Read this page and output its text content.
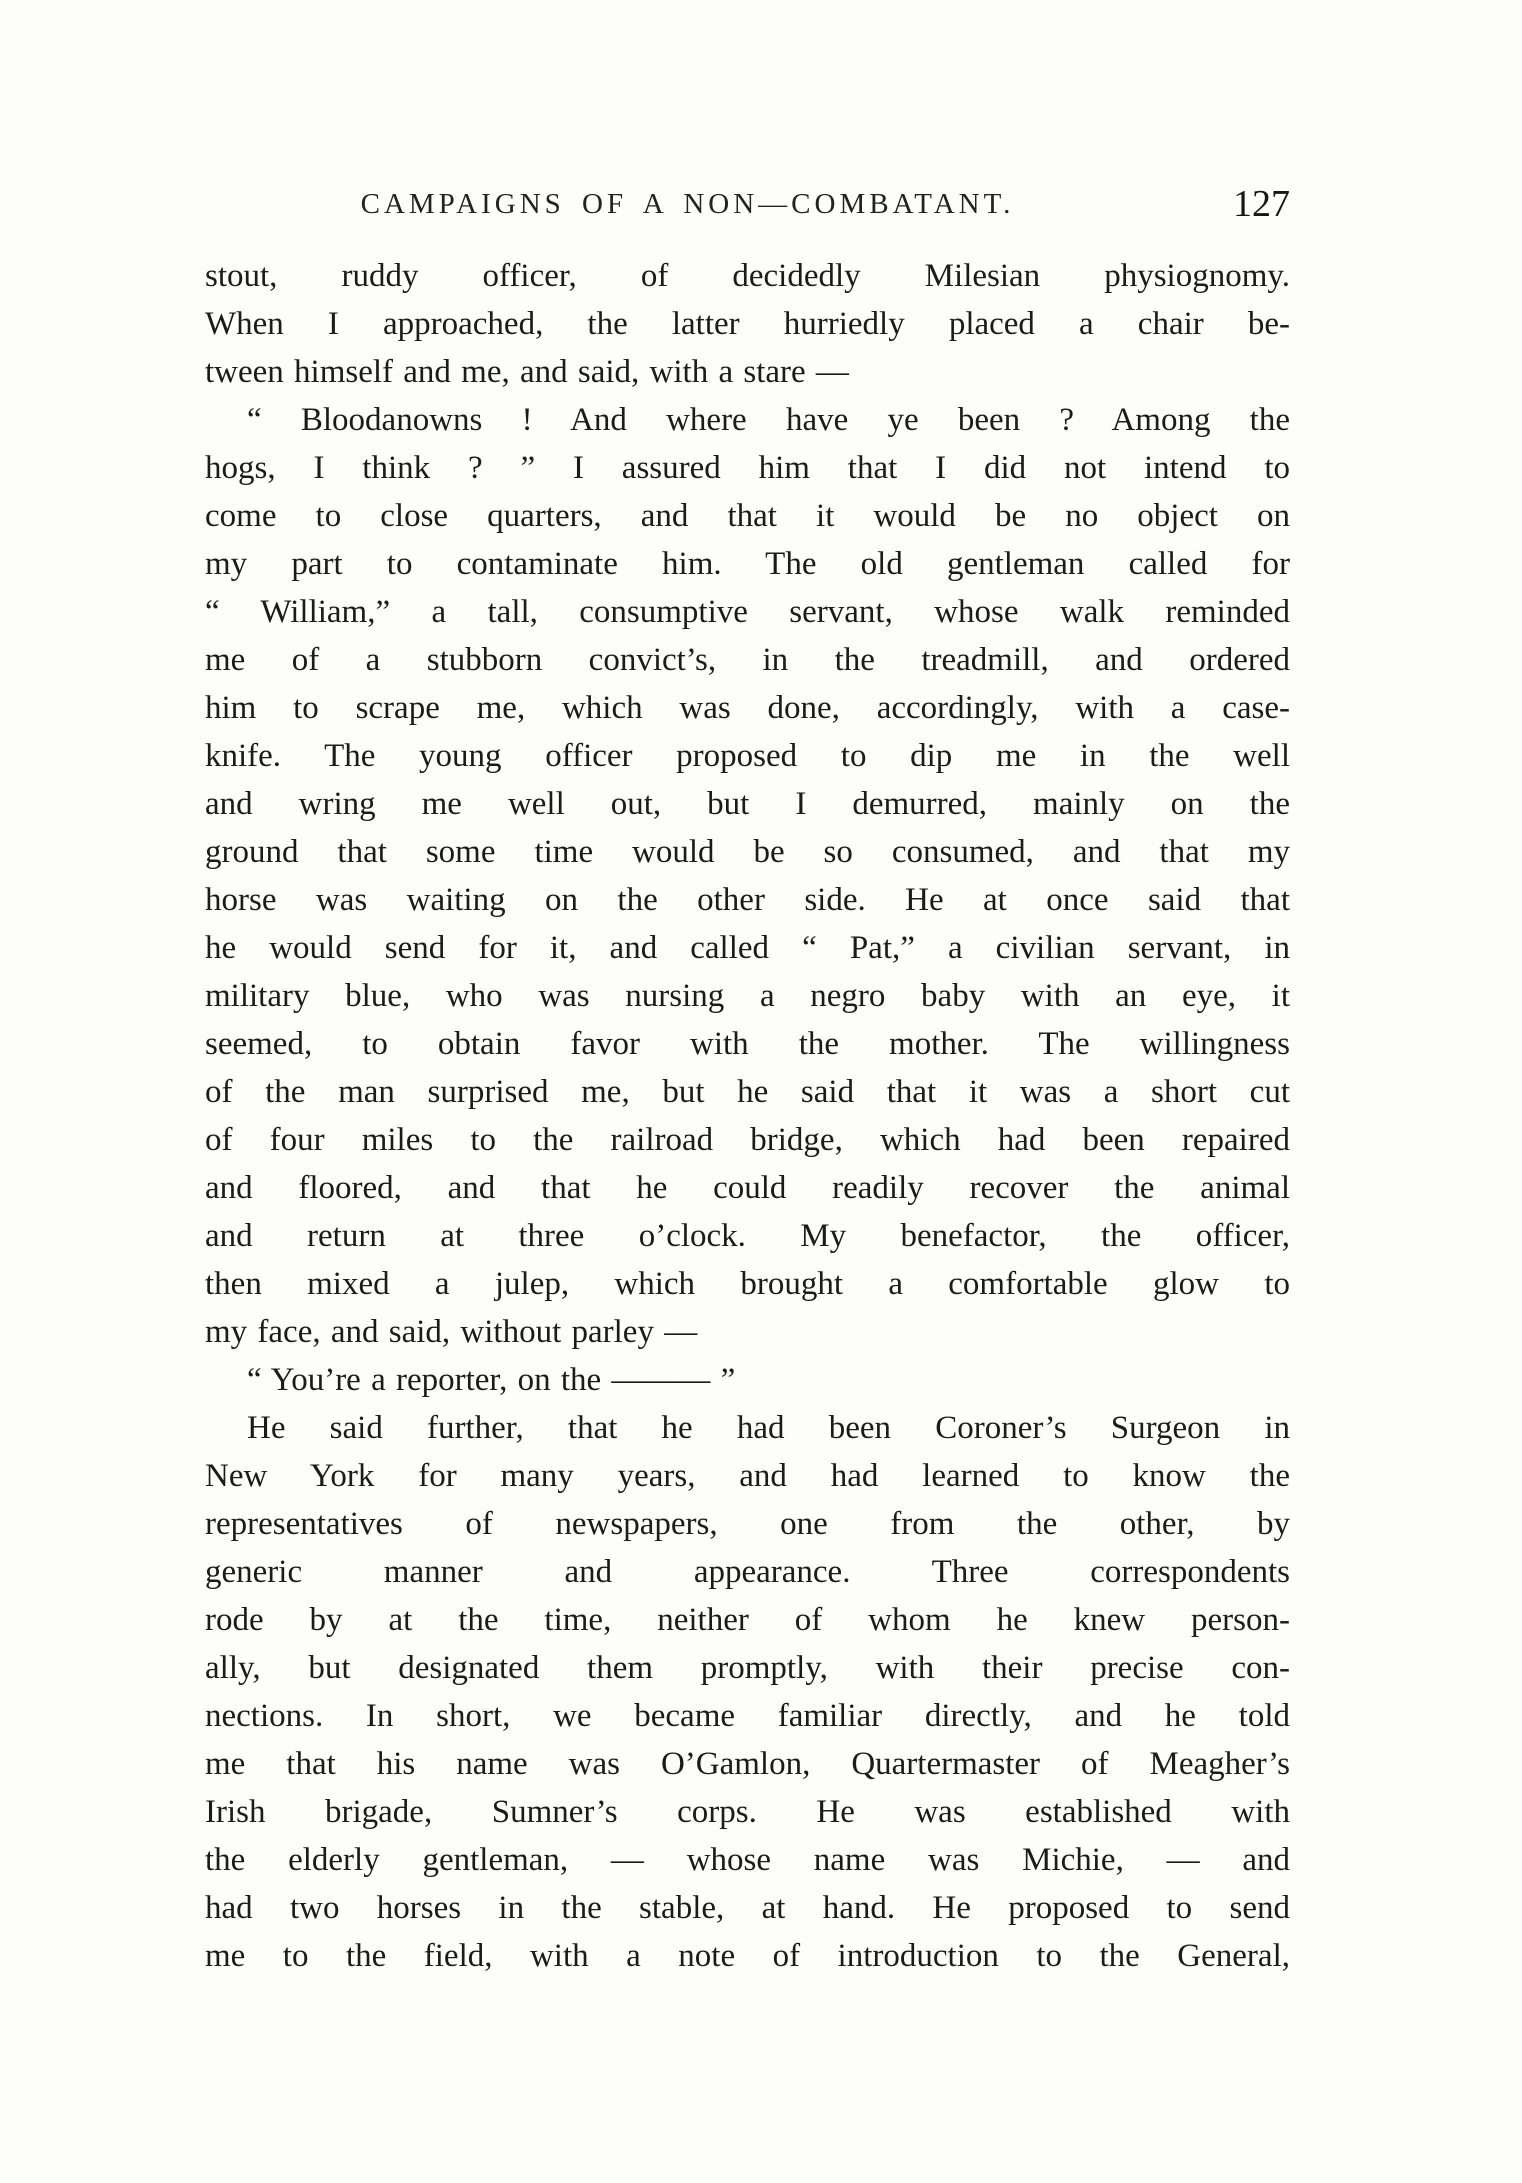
CAMPAIGNS OF A NON—COMBATANT.	127
stout, ruddy officer, of decidedly Milesian physiognomy.
When I approached, the latter hurriedly placed a chair be-
tween himself and me, and said, with a stare —
“ Bloodanowns ! And where have ye been ? Among the
hogs, I think ? ” I assured him that I did not intend to
come to close quarters, and that it would be no object on
my part to contaminate him. The old gentleman called for
“ William,” a tall, consumptive servant, whose walk reminded
me of a stubborn convict’s, in the treadmill, and ordered
him to scrape me, which was done, accordingly, with a case-
knife. The young officer proposed to dip me in the well
and wring me well out, but I demurred, mainly on the
ground that some time would be so consumed, and that my
horse was waiting on the other side. He at once said that
he would send for it, and called “ Pat,” a civilian servant, in
military blue, who was nursing a negro baby with an eye, it
seemed, to obtain favor with the mother. The willingness
of the man surprised me, but he said that it was a short cut
of four miles to the railroad bridge, which had been repaired
and floored, and that he could readily recover the animal
and return at three o’clock. My benefactor, the officer,
then mixed a julep, which brought a comfortable glow to
my face, and said, without parley —
“ You’re a reporter, on the ——— ”
He said further, that he had been Coroner’s Surgeon in
New York for many years, and had learned to know the
representatives of newspapers, one from the other, by
generic manner and appearance. Three correspondents
rode by at the time, neither of whom he knew person-
ally, but designated them promptly, with their precise con-
nections. In short, we became familiar directly, and he told
me that his name was O’Gamlon, Quartermaster of Meagher’s
Irish brigade, Sumner’s corps. He was established with
the elderly gentleman, — whose name was Michie, — and
had two horses in the stable, at hand. He proposed to send
me to the field, with a note of introduction to the General,
